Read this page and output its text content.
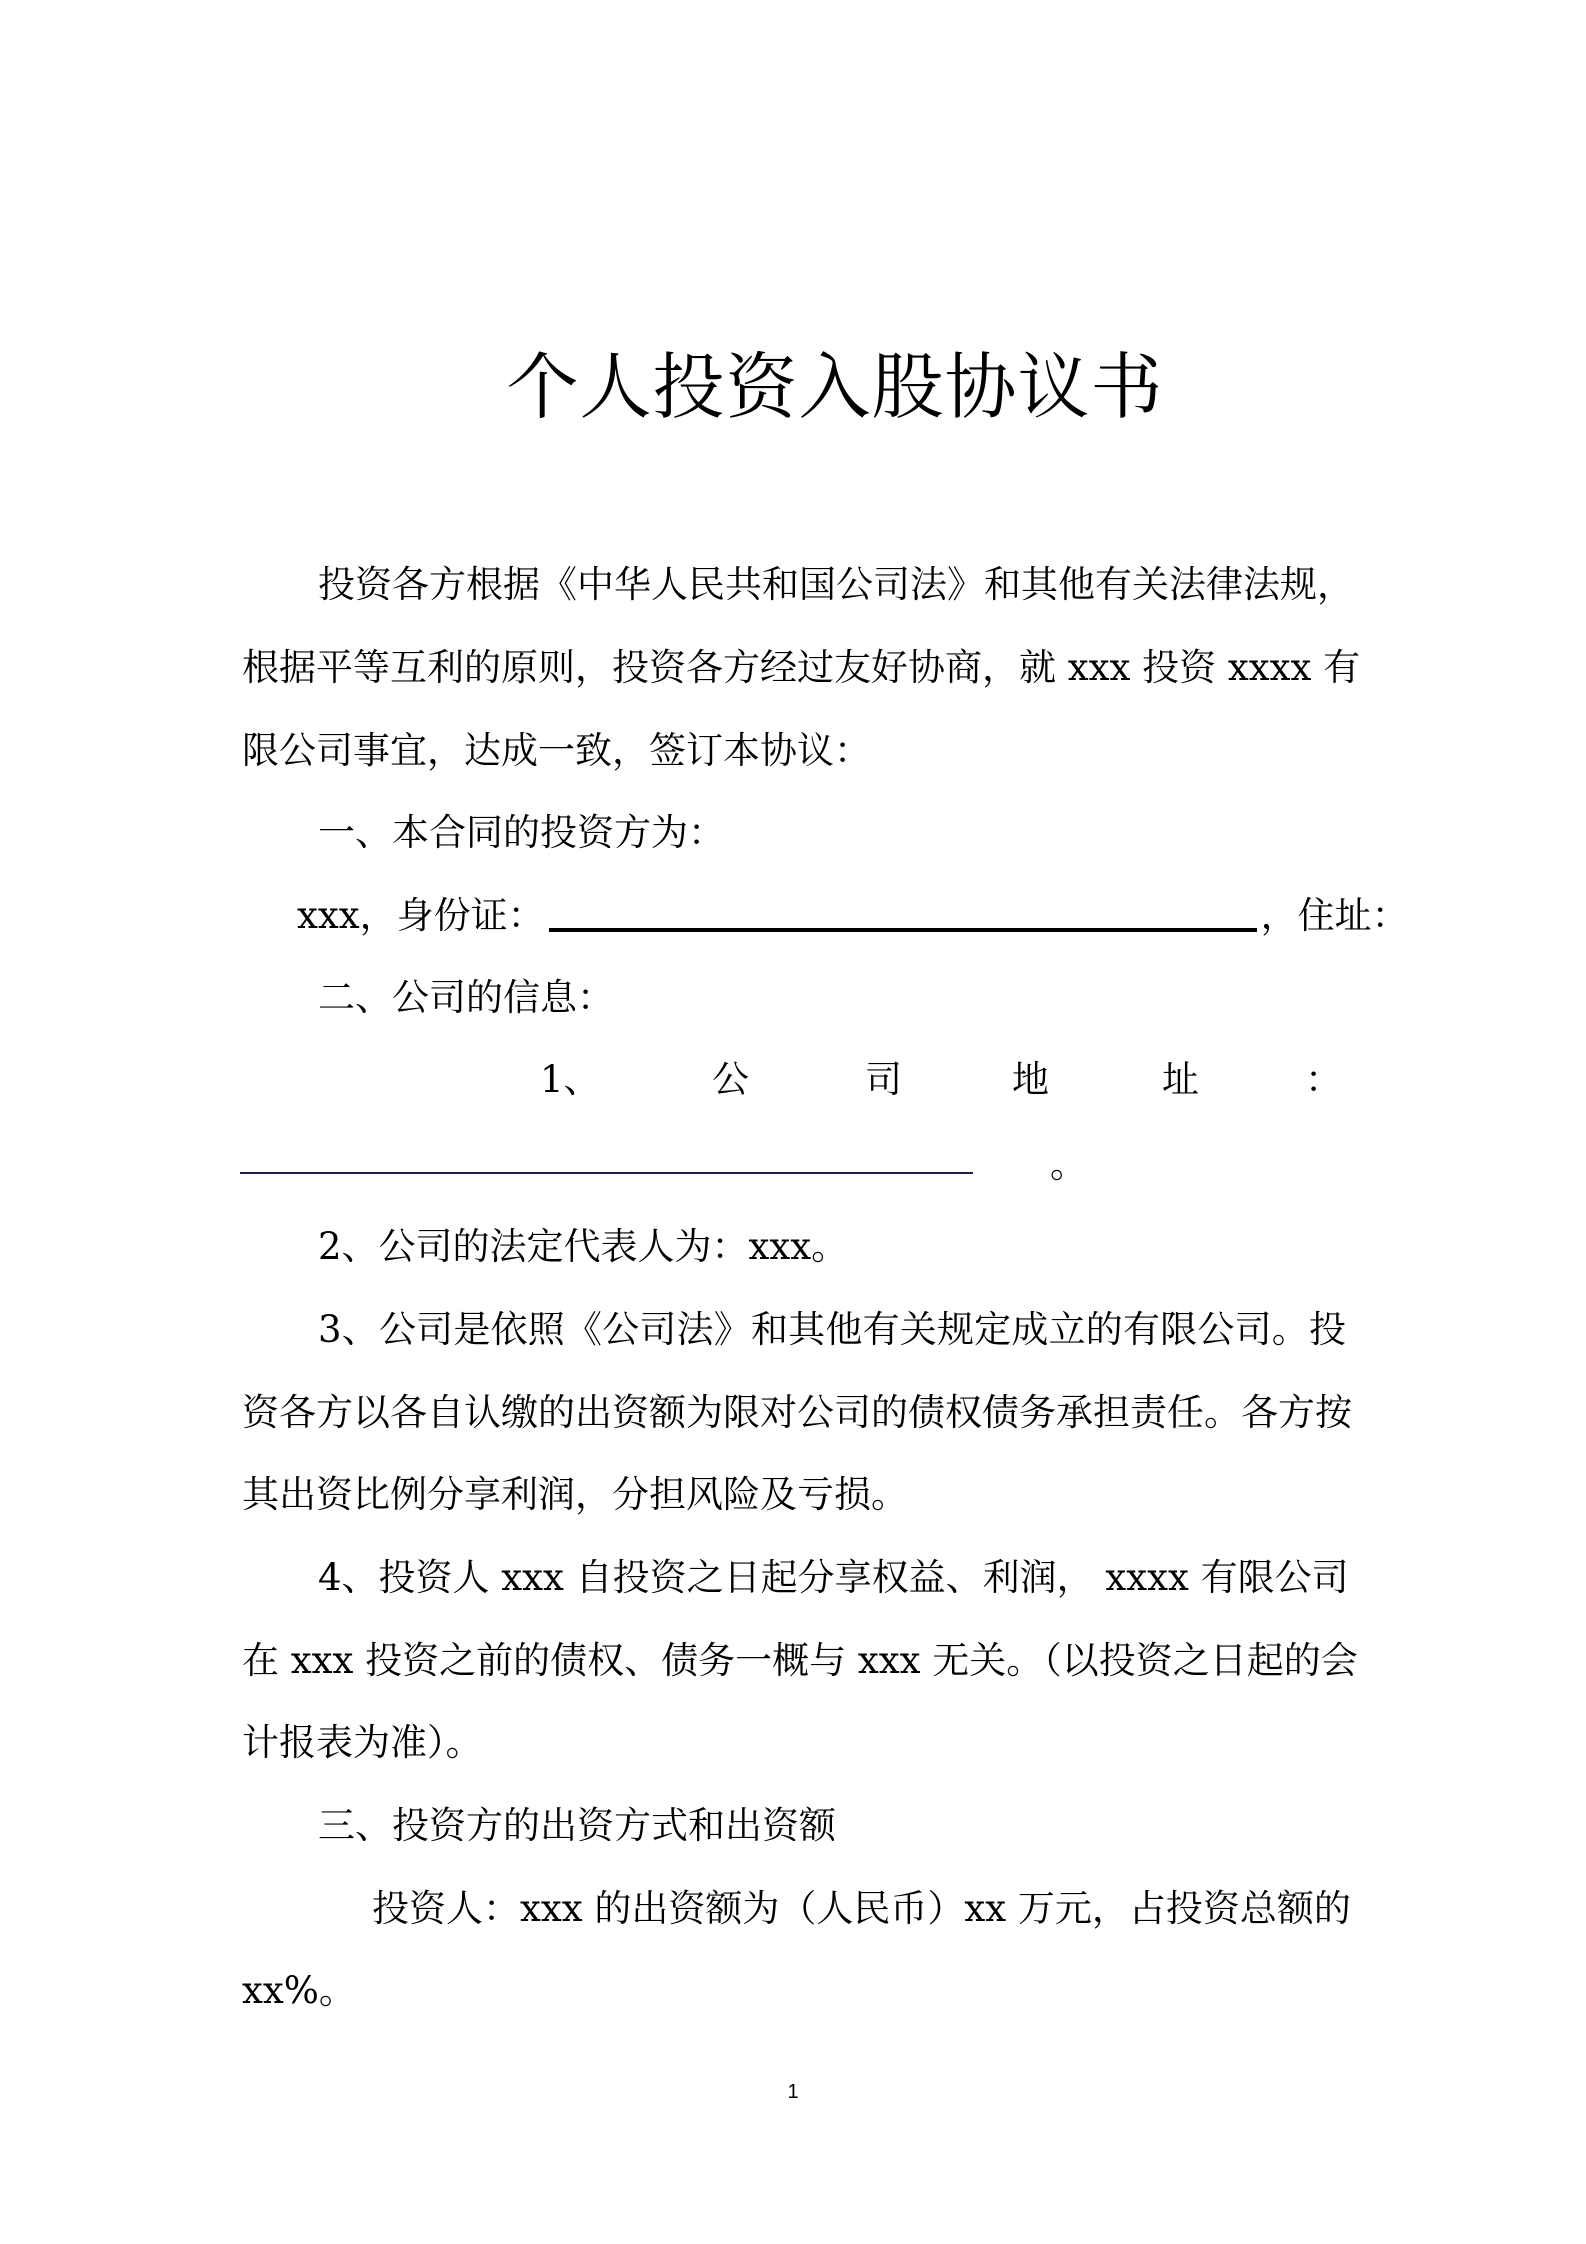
个人投资入股协议书
投资各方根据《中华人民共和国公司法》和其他有关法律法规，
根据平等互利的原则，投资各方经过友好协商，就 xxx 投资 xxxx 有
限公司事宜，达成一致，签订本协议：
一、本合同的投资方为：
xxx，身份证：	，住址：
二、公司的信息：
1、	公	司	地	址	：
。
2、公司的法定代表人为：xxx。
3、公司是依照《公司法》和其他有关规定成立的有限公司。投
资各方以各自认缴的出资额为限对公司的债权债务承担责任。各方按
其出资比例分享利润，分担风险及亏损。
4、投资人 xxx 自投资之日起分享权益、利润， xxxx 有限公司
在 xxx 投资之前的债权、债务一概与 xxx 无关。（以投资之日起的会
计报表为准）。
三、投资方的出资方式和出资额
投资人：xxx 的出资额为（人民币）xx 万元，占投资总额的
xx%。
1
